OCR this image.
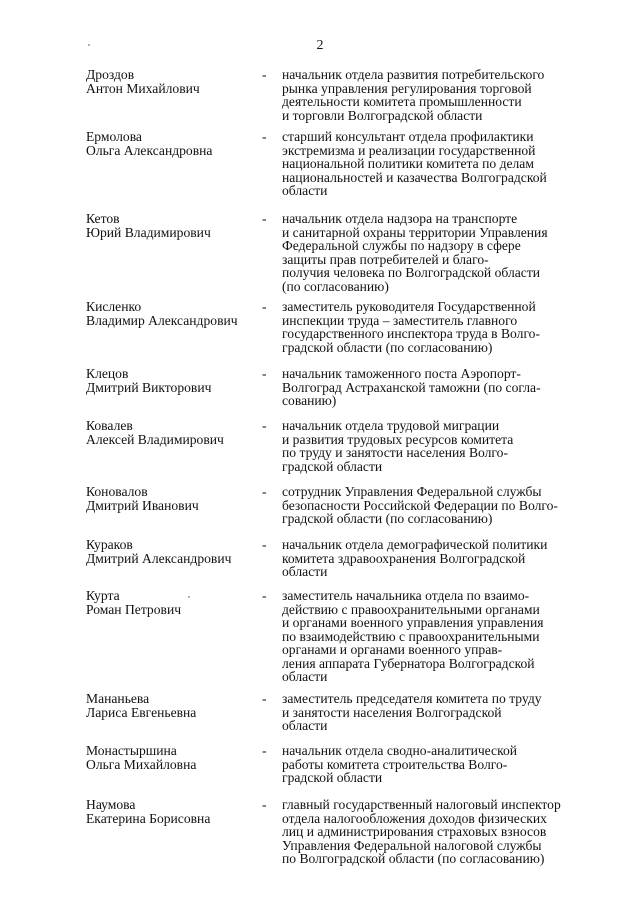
2
Дроздов
Антон Михайлович
- начальник отдела развития потребительского
рынка управления регулирования торговой
деятельности комитета промышленности
и торговли Волгоградской области
Ермолова
Ольга Александровна
- старший консультант отдела профилактики
экстремизма и реализации государственной
национальной политики комитета по делам
национальностей и казачества Волгоградской
области
Кетов
Юрий Владимирович
- начальник отдела надзора на транспорте
и санитарной охраны территории Управления
Федеральной службы по надзору в сфере
защиты прав потребителей и благо-
получия человека по Волгоградской области
(по согласованию)
Кисленко
Владимир Александрович
- заместитель руководителя Государственной
инспекции труда – заместитель главного
государственного инспектора труда в Волго-
градской области (по согласованию)
Клецов
Дмитрий Викторович
- начальник таможенного поста Аэропорт-
Волгоград Астраханской таможни (по согла-
сованию)
Ковалев
Алексей Владимирович
- начальник отдела трудовой миграции
и развития трудовых ресурсов комитета
по труду и занятости населения Волго-
градской области
Коновалов
Дмитрий Иванович
- сотрудник Управления Федеральной службы
безопасности Российской Федерации по Волго-
градской области (по согласованию)
Кураков
Дмитрий Александрович
- начальник отдела демографической политики
комитета здравоохранения Волгоградской
области
Курта
Роман Петрович
- заместитель начальника отдела по взаимо-
действию с правоохранительными органами
и органами военного управления управления
по взаимодействию с правоохранительными
органами и органами военного управ-
ления аппарата Губернатора Волгоградской
области
Мананьева
Лариса Евгеньевна
- заместитель председателя комитета по труду
и занятости населения Волгоградской
области
Монастыршина
Ольга Михайловна
- начальник отдела сводно-аналитической
работы комитета строительства Волго-
градской области
Наумова
Екатерина Борисовна
- главный государственный налоговый инспектор
отдела налогообложения доходов физических
лиц и администрирования страховых взносов
Управления Федеральной налоговой службы
по Волгоградской области (по согласованию)
